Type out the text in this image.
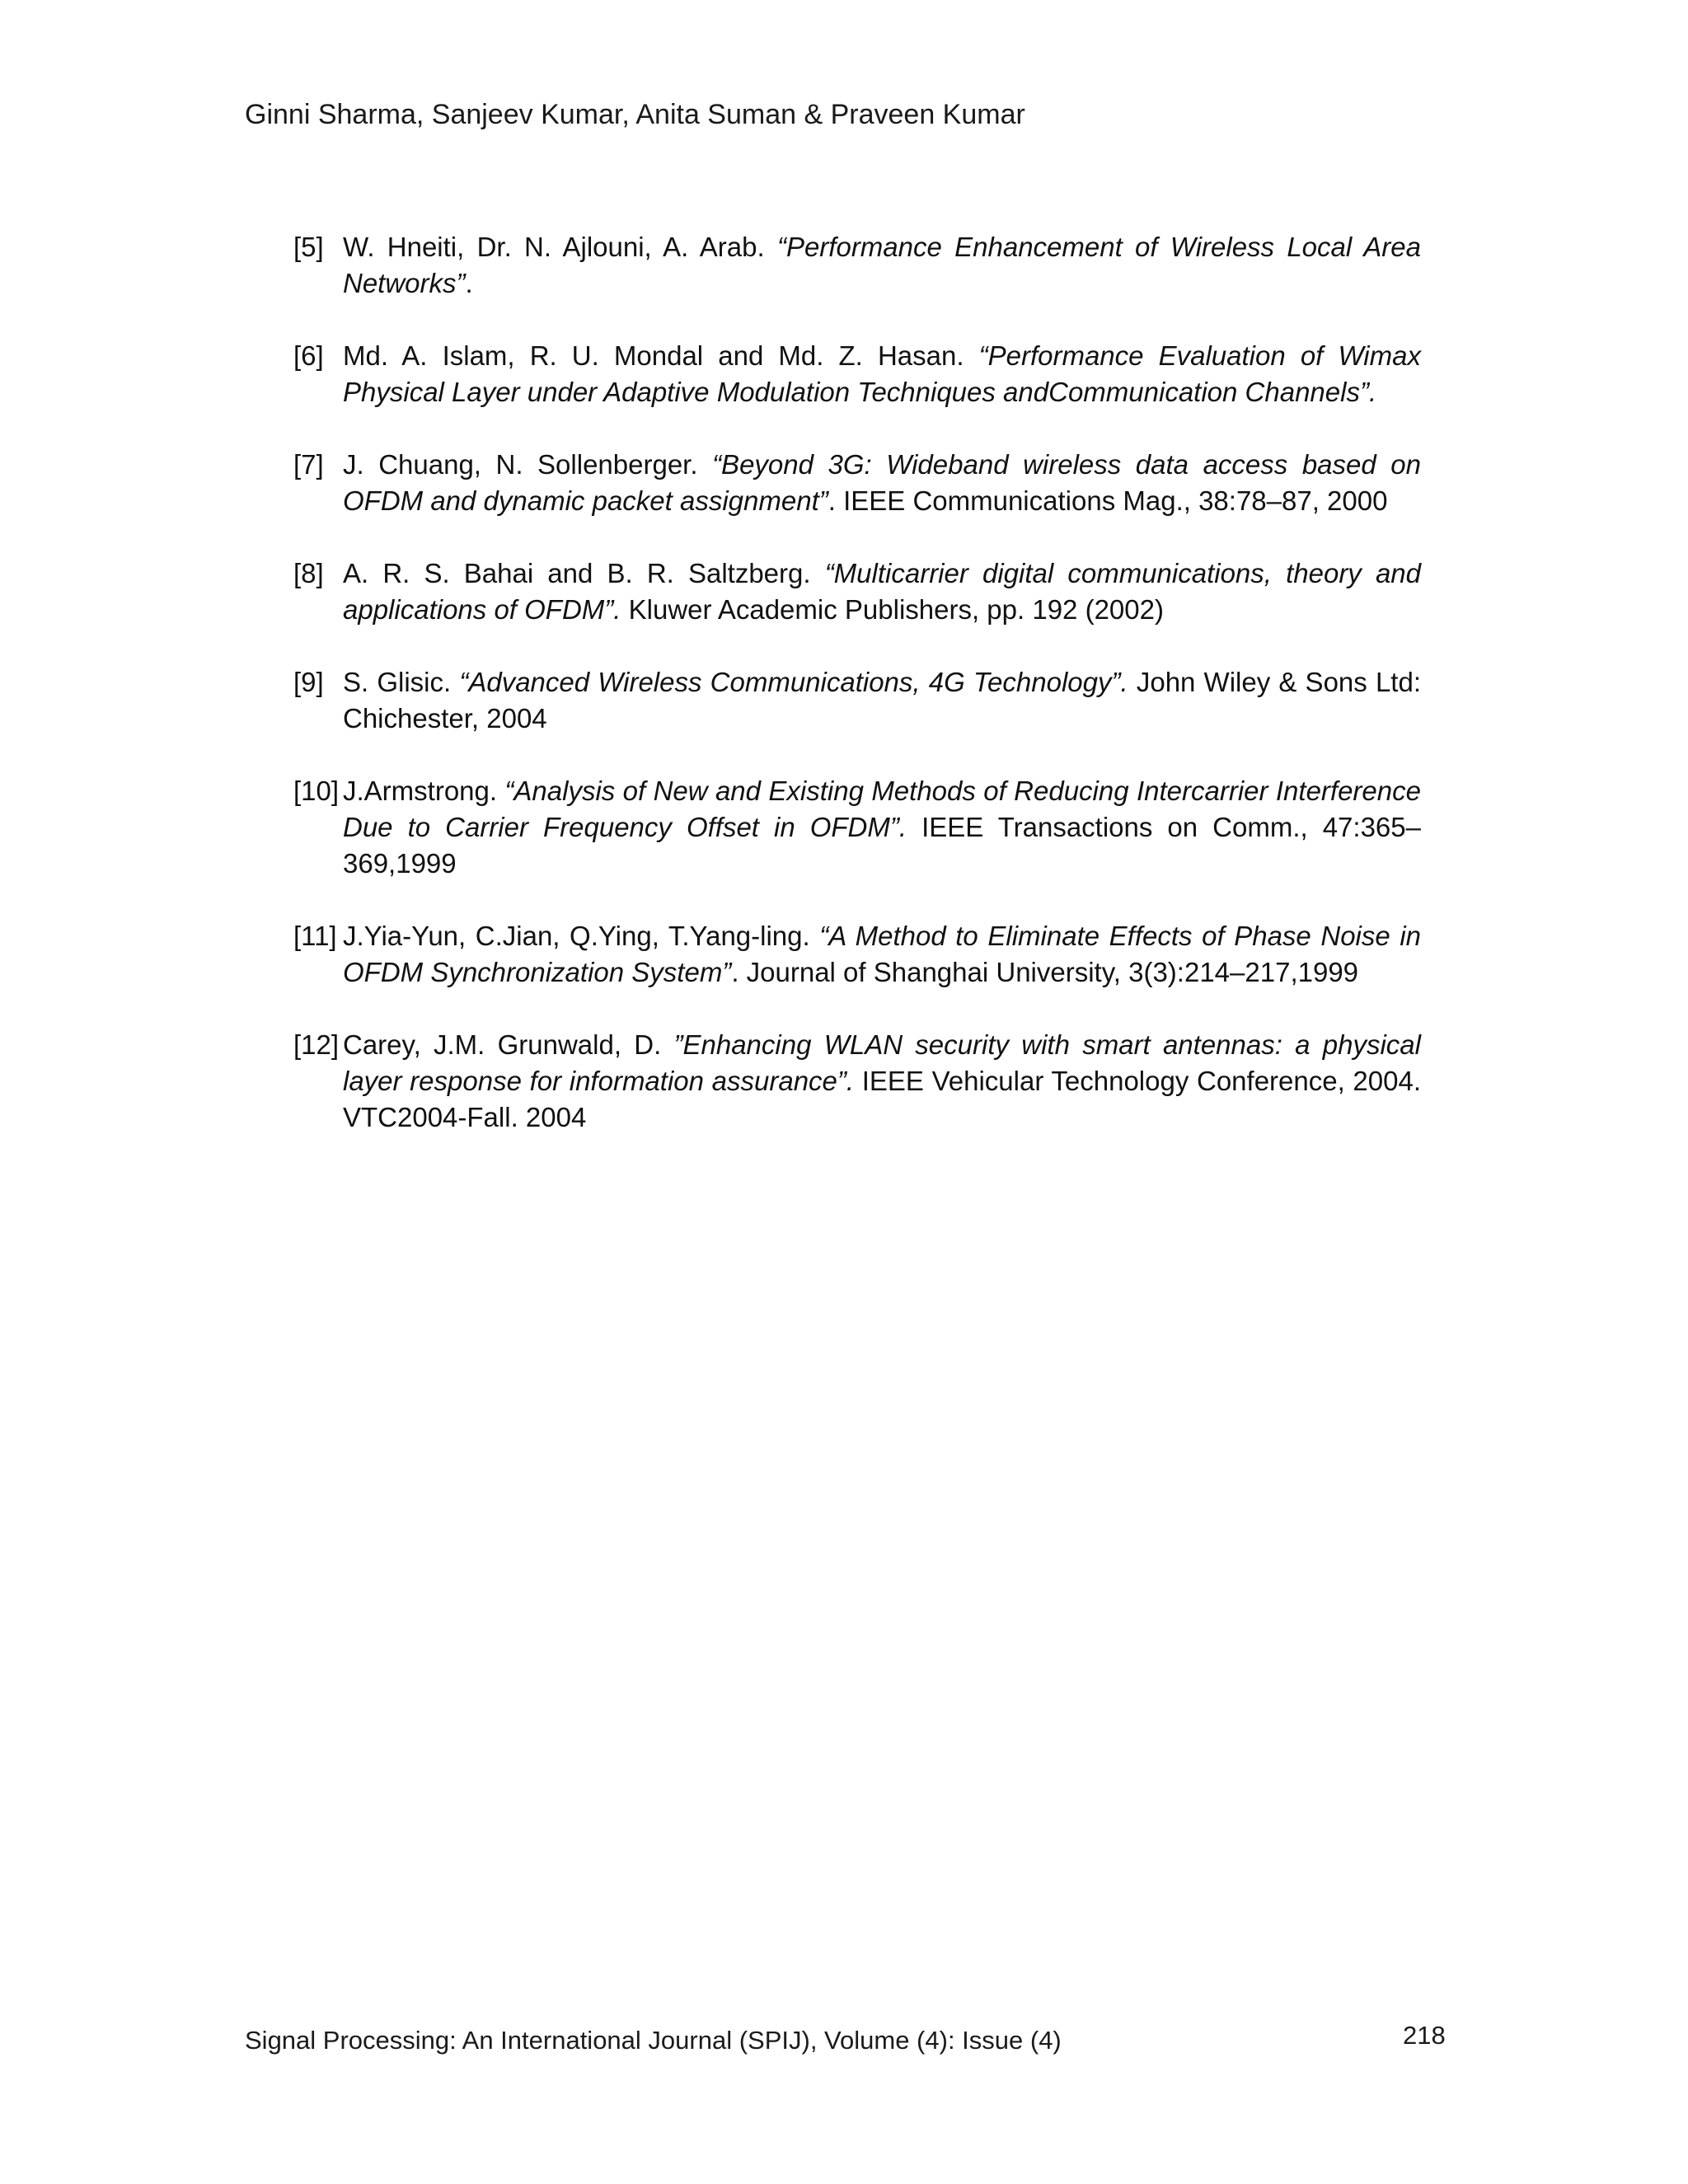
Ginni Sharma, Sanjeev Kumar, Anita Suman & Praveen Kumar
[5] W. Hneiti, Dr. N. Ajlouni, A. Arab. “Performance Enhancement of Wireless Local Area Networks”.
[6] Md. A. Islam, R. U. Mondal and Md. Z. Hasan. “Performance Evaluation of Wimax Physical Layer under Adaptive Modulation Techniques andCommunication Channels”.
[7] J. Chuang, N. Sollenberger. “Beyond 3G: Wideband wireless data access based on OFDM and dynamic packet assignment”. IEEE Communications Mag., 38:78–87, 2000
[8] A. R. S. Bahai and B. R. Saltzberg. “Multicarrier digital communications, theory and applications of OFDM”. Kluwer Academic Publishers, pp. 192 (2002)
[9] S. Glisic. “Advanced Wireless Communications, 4G Technology”. John Wiley & Sons Ltd: Chichester, 2004
[10] J.Armstrong. “Analysis of New and Existing Methods of Reducing Intercarrier Interference Due to Carrier Frequency Offset in OFDM”. IEEE Transactions on Comm., 47:365–369,1999
[11] J.Yia-Yun, C.Jian, Q.Ying, T.Yang-ling. “A Method to Eliminate Effects of Phase Noise in OFDM Synchronization System”. Journal of Shanghai University, 3(3):214–217,1999
[12] Carey, J.M. Grunwald, D. ”Enhancing WLAN security with smart antennas: a physical layer response for information assurance”. IEEE Vehicular Technology Conference, 2004. VTC2004-Fall. 2004
Signal Processing: An International Journal (SPIJ), Volume (4): Issue (4)	218
